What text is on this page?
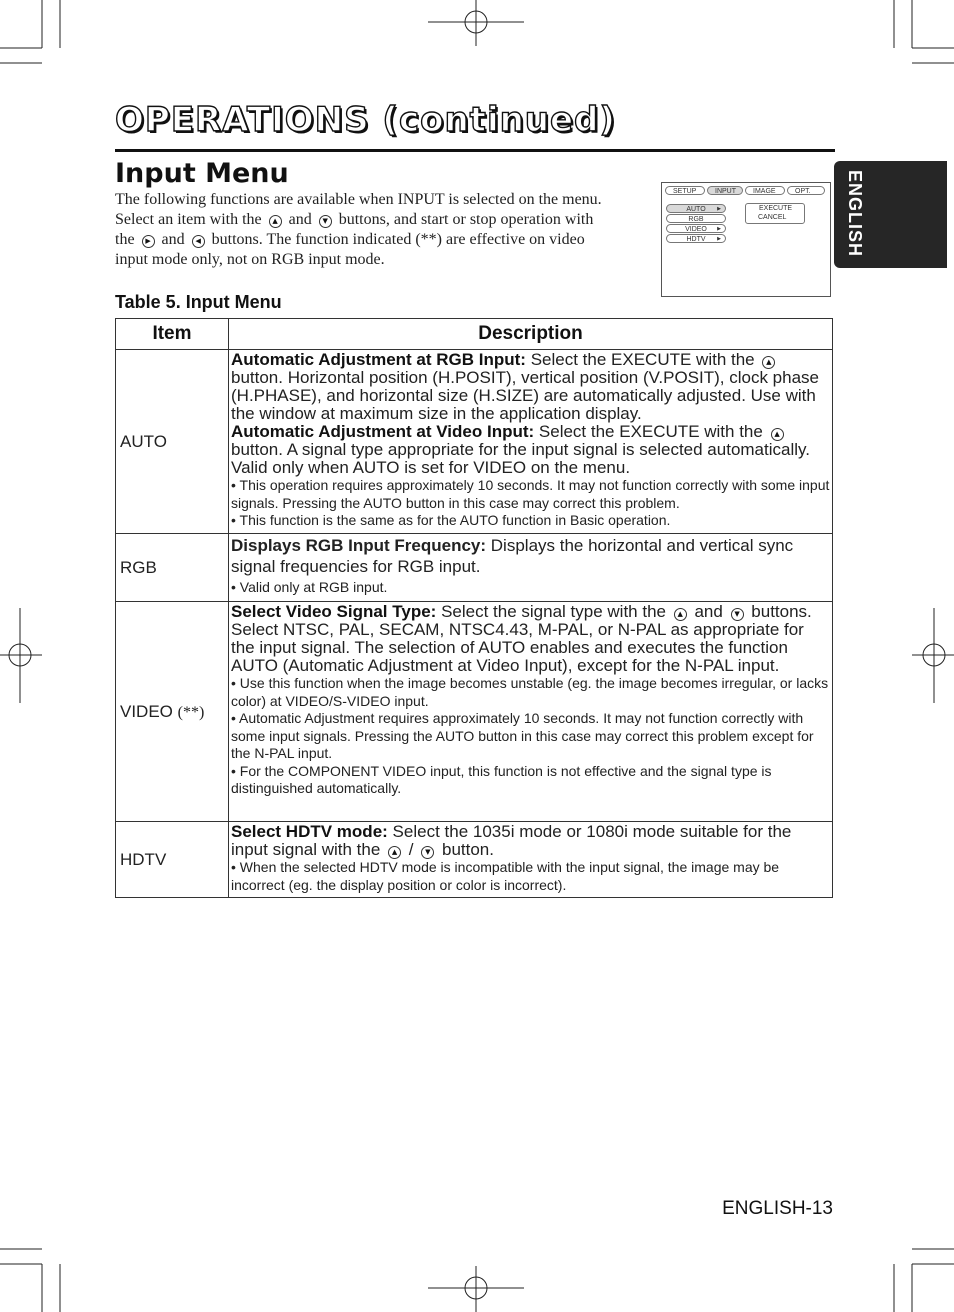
OPERATIONS (continued)
Input Menu
The following functions are available when INPUT is selected on the menu. Select an item with the ▲ and ▼ buttons, and start or stop operation with the ▶ and ◀ buttons. The function indicated (**) are effective on video input mode only, not on RGB input mode.
SETUP	INPUT	IMAGE	OPT.
AUTO ▶
RGB
VIDEO ▶
HDTV ▶
EXECUTE
CANCEL	ENGLISH
Table 5. Input Menu
Item	Description
AUTO	Automatic Adjustment at RGB Input: Select the EXECUTE with the ▲ button. Horizontal position (H.POSIT), vertical position (V.POSIT), clock phase (H.PHASE), and horizontal size (H.SIZE) are automatically adjusted. Use with the window at maximum size in the application display.

Automatic Adjustment at Video Input: Select the EXECUTE with the ▲ button. A signal type appropriate for the input signal is selected automatically. Valid only when AUTO is set for VIDEO on the menu.

• This operation requires approximately 10 seconds. It may not function correctly with some input signals. Pressing the AUTO button in this case may correct this problem.

• This function is the same as for the AUTO function in Basic operation.

RGB	Displays RGB Input Frequency: Displays the horizontal and vertical sync signal frequencies for RGB input.

• Valid only at RGB input.

VIDEO (**)	Select Video Signal Type: Select the signal type with the ▲ and ▼ buttons. Select NTSC, PAL, SECAM, NTSC4.43, M-PAL, or N-PAL as appropriate for the input signal. The selection of AUTO enables and executes the function AUTO (Automatic Adjustment at Video Input), except for the N-PAL input.

• Use this function when the image becomes unstable (eg. the image becomes irregular, or lacks color) at VIDEO/S-VIDEO input.

• Automatic Adjustment requires approximately 10 seconds. It may not function correctly with some input signals. Pressing the AUTO button in this case may correct this problem except for the N-PAL input.

• For the COMPONENT VIDEO input, this function is not effective and the signal type is distinguished automatically.

HDTV	Select HDTV mode: Select the 1035i mode or 1080i mode suitable for the input signal with the ▲ / ▼ button.

• When the selected HDTV mode is incompatible with the input signal, the image may be incorrect (eg. the display position or color is incorrect).

ENGLISH-13
